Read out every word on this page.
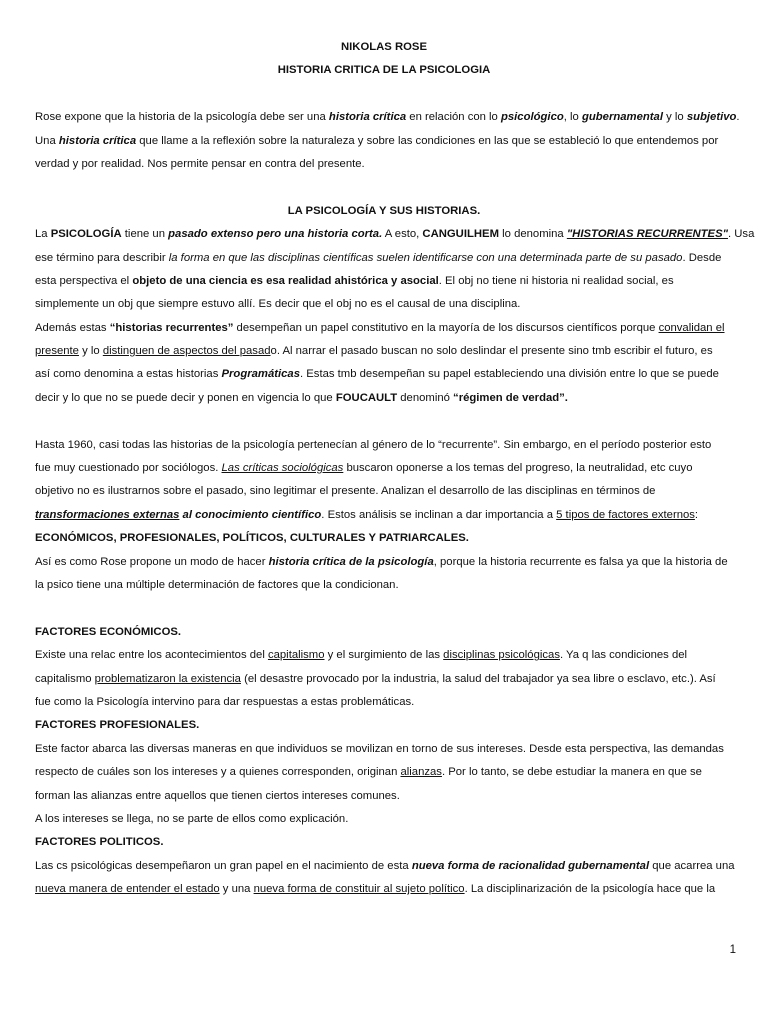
NIKOLAS ROSE
HISTORIA CRITICA DE LA PSICOLOGIA
Rose expone que la historia de la psicología debe ser una historia crítica en relación con lo psicológico, lo gubernamental y lo subjetivo.
Una historia crítica que llame a la reflexión sobre la naturaleza y sobre las condiciones en las que se estableció lo que entendemos por
verdad y por realidad. Nos permite pensar en contra del presente.
LA PSICOLOGÍA Y SUS HISTORIAS.
La PSICOLOGÍA tiene un pasado extenso pero una historia corta. A esto, CANGUILHEM lo denomina "HISTORIAS RECURRENTES". Usa
ese término para describir la forma en que las disciplinas científicas suelen identificarse con una determinada parte de su pasado. Desde
esta perspectiva el objeto de una ciencia es esa realidad ahistórica y asocial. El obj no tiene ni historia ni realidad social, es
simplemente un obj que siempre estuvo allí. Es decir que el obj no es el causal de una disciplina.
Además estas “historias recurrentes” desempeñan un papel constitutivo en la mayoría de los discursos científicos porque convalidan el
presente y lo distinguen de aspectos del pasado. Al narrar el pasado buscan no solo deslindar el presente sino tmb escribir el futuro, es
así como denomina a estas historias Programáticas. Estas tmb desempeñan su papel estableciendo una división entre lo que se puede
decir y lo que no se puede decir y ponen en vigencia lo que FOUCAULT denominó “régimen de verdad”.
Hasta 1960, casi todas las historias de la psicología pertenecían al género de lo “recurrente”. Sin embargo, en el período posterior esto
fue muy cuestionado por sociólogos. Las críticas sociológicas buscaron oponerse a los temas del progreso, la neutralidad, etc cuyo
objetivo no es ilustrarnos sobre el pasado, sino legitimar el presente. Analizan el desarrollo de las disciplinas en términos de
transformaciones externas al conocimiento científico. Estos análisis se inclinan a dar importancia a 5 tipos de factores externos:
ECONÓMICOS, PROFESIONALES, POLÍTICOS, CULTURALES Y PATRIARCALES.
Así es como Rose propone un modo de hacer historia crítica de la psicología, porque la historia recurrente es falsa ya que la historia de
la psico tiene una múltiple determinación de factores que la condicionan.
FACTORES ECONÓMICOS.
Existe una relac entre los acontecimientos del capitalismo y el surgimiento de las disciplinas psicológicas. Ya q las condiciones del
capitalismo problematizaron la existencia (el desastre provocado por la industria, la salud del trabajador ya sea libre o esclavo, etc.). Así
fue como la Psicología intervino para dar respuestas a estas problemáticas.
FACTORES PROFESIONALES.
Este factor abarca las diversas maneras en que individuos se movilizan en torno de sus intereses. Desde esta perspectiva, las demandas
respecto de cuáles son los intereses y a quienes corresponden, originan alianzas. Por lo tanto, se debe estudiar la manera en que se
forman las alianzas entre aquellos que tienen ciertos intereses comunes.
A los intereses se llega, no se parte de ellos como explicación.
FACTORES POLITICOS.
Las cs psicológicas desempeñaron un gran papel en el nacimiento de esta nueva forma de racionalidad gubernamental que acarrea una
nueva manera de entender el estado y una nueva forma de constituir al sujeto político. La disciplinarización de la psicología hace que la
1
